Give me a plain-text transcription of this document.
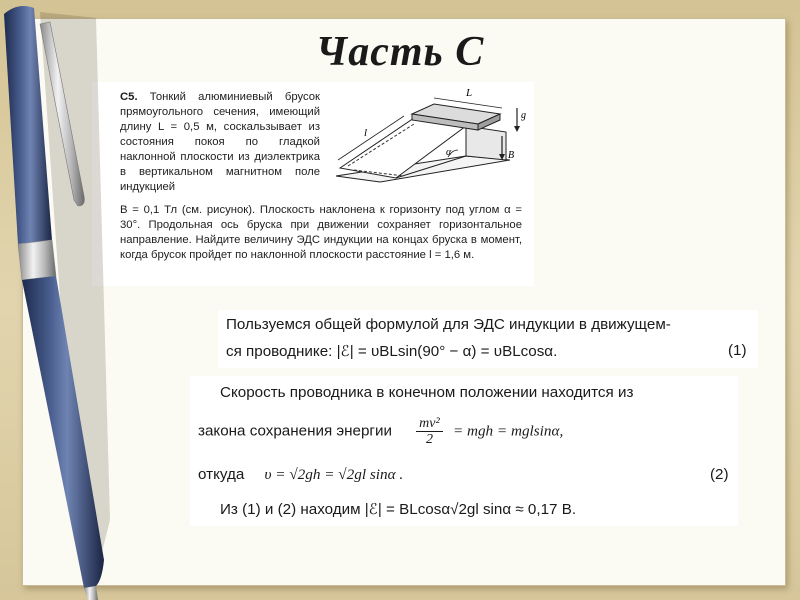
Часть С
С5. Тонкий алюминиевый брусок прямоугольного сечения, имеющий длину L = 0,5 м, соскальзывает из состояния покоя по гладкой наклонной плоскости из диэлектрика в вертикальном магнитном поле индукцией
B = 0,1 Тл (см. рисунок). Плоскость наклонена к горизонту под углом α = 30°. Продольная ось бруска при движении сохраняет горизонтальное направление. Найдите величину ЭДС индукции на концах бруска в момент, когда брусок пройдет по наклонной плоскости расстояние l = 1,6 м.
l
L
α
g
B
Пользуемся общей формулой для ЭДС индукции в движущем-
ся проводнике: |ℰ| = υBLsin(90° − α) = υBLcosα.	(1)
Скорость проводника в конечном положении находится из
закона сохранения энергии $\frac{\text{mv²}}{2}$ = mgh = mglsinα,
откуда υ = √2gh = √2gl sinα .	(2)
Из (1) и (2) находим |ℰ| = BLcosα√2gl sinα ≈ 0,17 В.
